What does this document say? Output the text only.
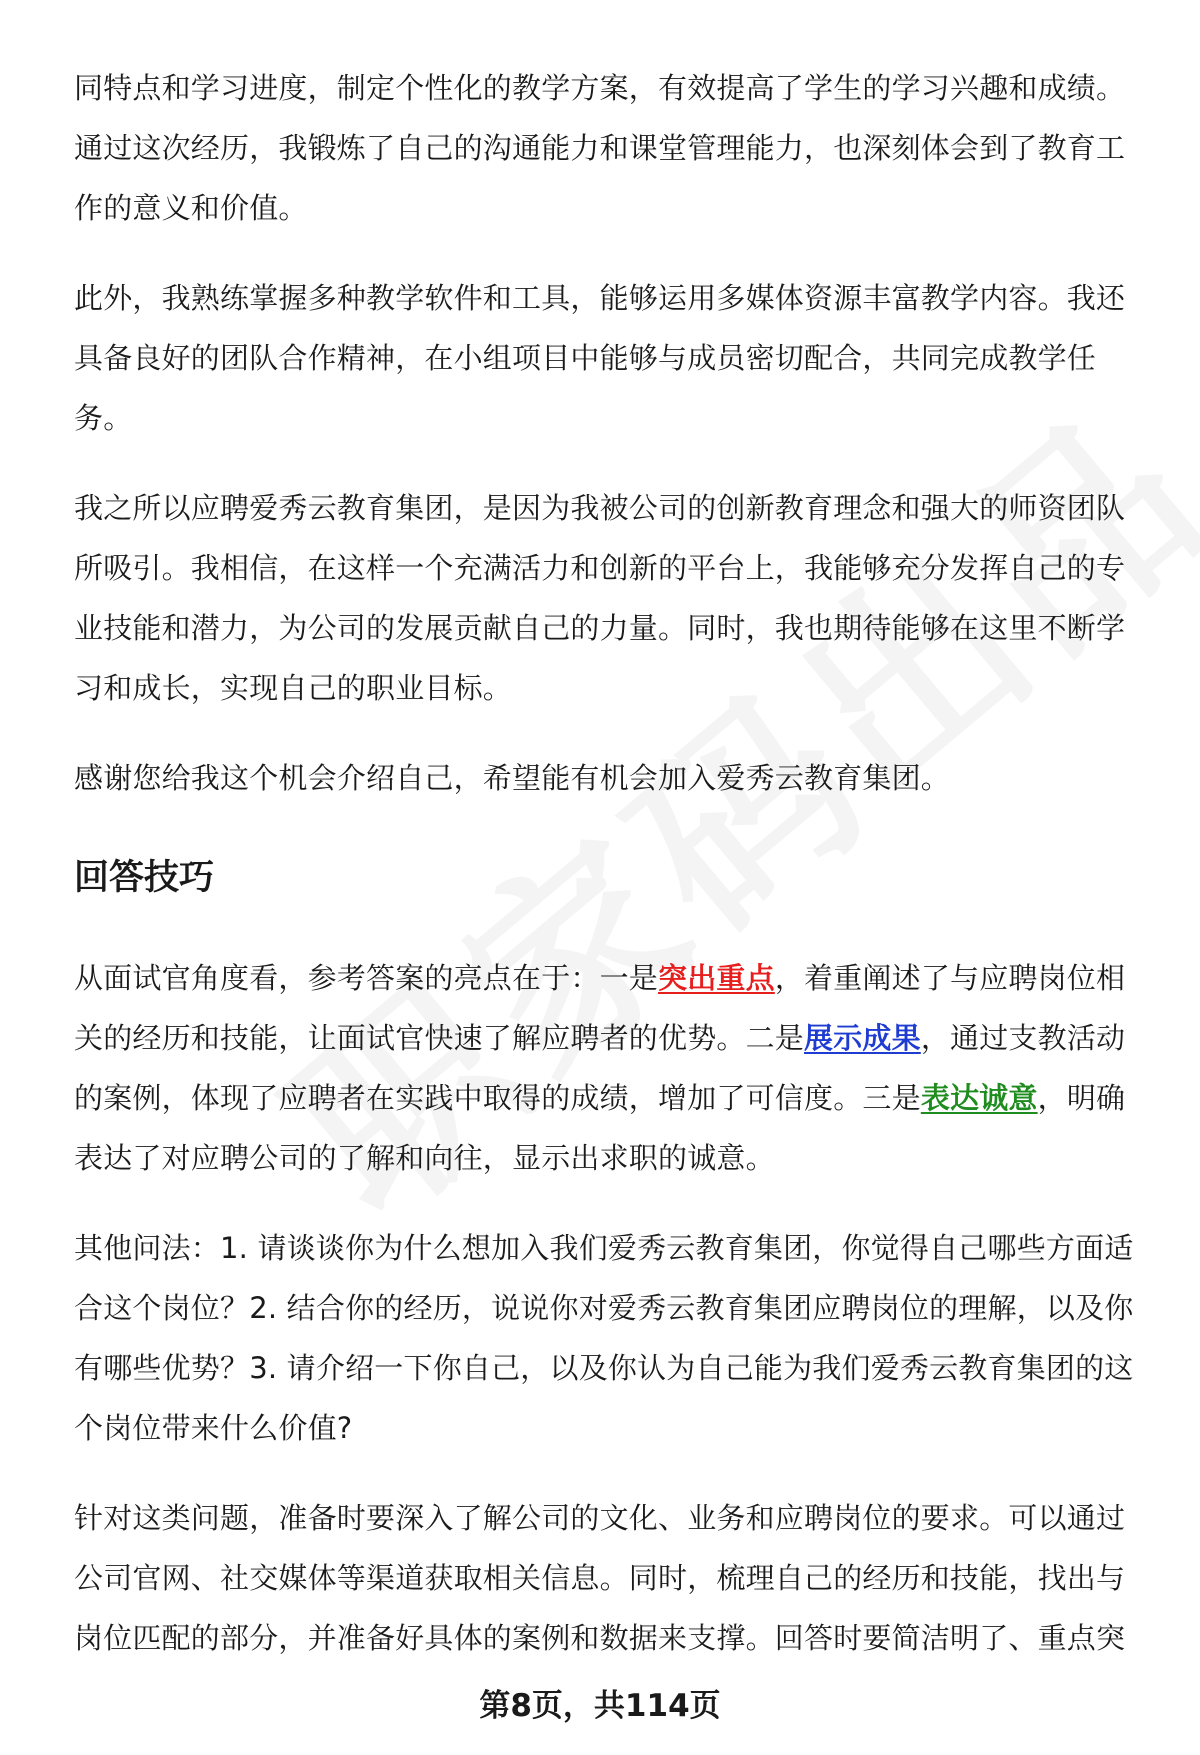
同特点和学习进度，制定个性化的教学方案，有效提高了学生的学习兴趣和成绩。通过这次经历，我锻炼了自己的沟通能力和课堂管理能力，也深刻体会到了教育工作的意义和价值。

此外，我熟练掌握多种教学软件和工具，能够运用多媒体资源丰富教学内容。我还具备良好的团队合作精神，在小组项目中能够与成员密切配合，共同完成教学任务。

我之所以应聘爱秀云教育集团，是因为我被公司的创新教育理念和强大的师资团队所吸引。我相信，在这样一个充满活力和创新的平台上，我能够充分发挥自己的专业技能和潜力，为公司的发展贡献自己的力量。同时，我也期待能够在这里不断学习和成长，实现自己的职业目标。

感谢您给我这个机会介绍自己，希望能有机会加入爱秀云教育集团。

回答技巧

从面试官角度看，参考答案的亮点在于：一是突出重点，着重阐述了与应聘岗位相关的经历和技能，让面试官快速了解应聘者的优势。二是展示成果，通过支教活动的案例，体现了应聘者在实践中取得的成绩，增加了可信度。三是表达诚意，明确表达了对应聘公司的了解和向往，显示出求职的诚意。

其他问法：1. 请谈谈你为什么想加入我们爱秀云教育集团，你觉得自己哪些方面适合这个岗位？2. 结合你的经历，说说你对爱秀云教育集团应聘岗位的理解，以及你有哪些优势？3. 请介绍一下你自己，以及你认为自己能为我们爱秀云教育集团的这个岗位带来什么价值?

针对这类问题，准备时要深入了解公司的文化、业务和应聘岗位的要求。可以通过公司官网、社交媒体等渠道获取相关信息。同时，梳理自己的经历和技能，找出与岗位匹配的部分，并准备好具体的案例和数据来支撑。回答时要简洁明了、重点突

第8页，共114页
